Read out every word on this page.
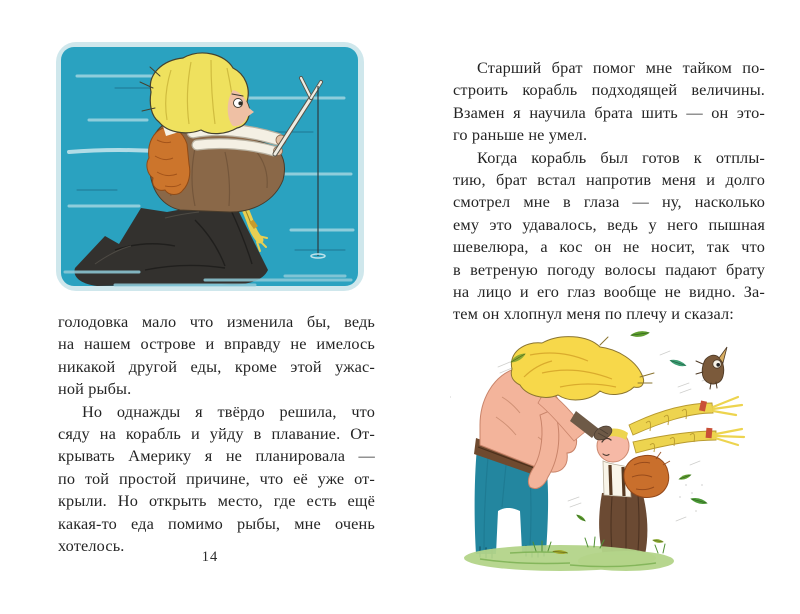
голодовка мало что изменила бы, ведь
на нашем острове и вправду не имелось
никакой другой еды, кроме этой ужас-
ной рыбы.
Но однажды я твёрдо решила, что
сяду на корабль и уйду в плавание. От-
крывать Америку я не планировала —
по той простой причине, что её уже от-
крыли. Но открыть место, где есть ещё
какая-то еда помимо рыбы, мне очень
хотелось.
14
Старший брат помог мне тайком по-
строить корабль подходящей величины.
Взамен я научила брата шить — он это-
го раньше не умел.
Когда корабль был готов к отплы-
тию, брат встал напротив меня и долго
смотрел мне в глаза — ну, насколько
ему это удавалось, ведь у него пышная
шевелюра, а кос он не носит, так что
в ветреную погоду волосы падают брату
на лицо и его глаз вообще не видно. За-
тем он хлопнул меня по плечу и сказал:
